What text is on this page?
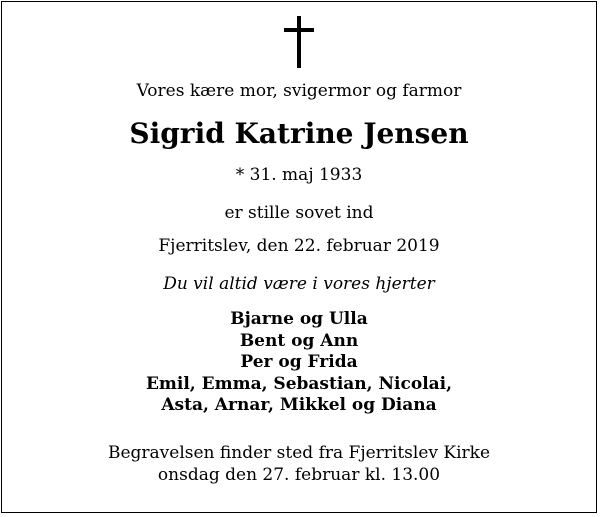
Vores kære mor, svigermor og farmor
Sigrid Katrine Jensen
* 31. maj 1933
er stille sovet ind
Fjerritslev, den 22. februar 2019
Du vil altid være i vores hjerter
Bjarne og Ulla
Bent og Ann
Per og Frida
Emil, Emma, Sebastian, Nicolai,
Asta, Arnar, Mikkel og Diana
Begravelsen finder sted fra Fjerritslev Kirke
onsdag den 27. februar kl. 13.00
